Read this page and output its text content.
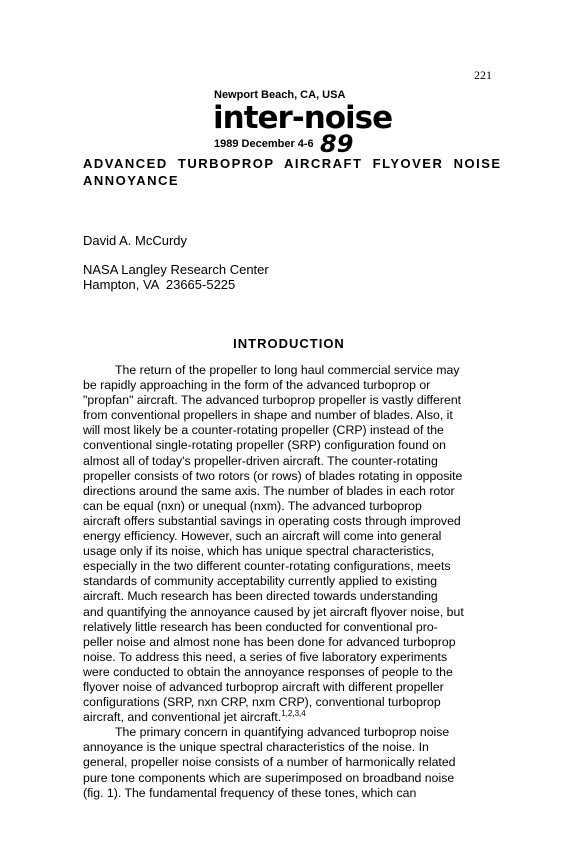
221
Newport Beach, CA, USA
inter-noise
1989 December 4-6 89
ADVANCED  TURBOPROP  AIRCRAFT  FLYOVER  NOISE
ANNOYANCE
David A. McCurdy
NASA Langley Research Center
Hampton, VA  23665-5225
INTRODUCTION

The return of the propeller to long haul commercial service may
be rapidly approaching in the form of the advanced turboprop or
"propfan" aircraft. The advanced turboprop propeller is vastly different
from conventional propellers in shape and number of blades. Also, it
will most likely be a counter-rotating propeller (CRP) instead of the
conventional single-rotating propeller (SRP) configuration found on
almost all of today's propeller-driven aircraft. The counter-rotating
propeller consists of two rotors (or rows) of blades rotating in opposite
directions around the same axis. The number of blades in each rotor
can be equal (nxn) or unequal (nxm). The advanced turboprop
aircraft offers substantial savings in operating costs through improved
energy efficiency. However, such an aircraft will come into general
usage only if its noise, which has unique spectral characteristics,
especially in the two different counter-rotating configurations, meets
standards of community acceptability currently applied to existing
aircraft. Much research has been directed towards understanding
and quantifying the annoyance caused by jet aircraft flyover noise, but
relatively little research has been conducted for conventional pro-
peller noise and almost none has been done for advanced turboprop
noise. To address this need, a series of five laboratory experiments
were conducted to obtain the annoyance responses of people to the
flyover noise of advanced turboprop aircraft with different propeller
configurations (SRP, nxn CRP, nxm CRP), conventional turboprop
aircraft, and conventional jet aircraft.$^{1,2,3,4}$

The primary concern in quantifying advanced turboprop noise
annoyance is the unique spectral characteristics of the noise. In
general, propeller noise consists of a number of harmonically related
pure tone components which are superimposed on broadband noise
(fig. 1). The fundamental frequency of these tones, which can
